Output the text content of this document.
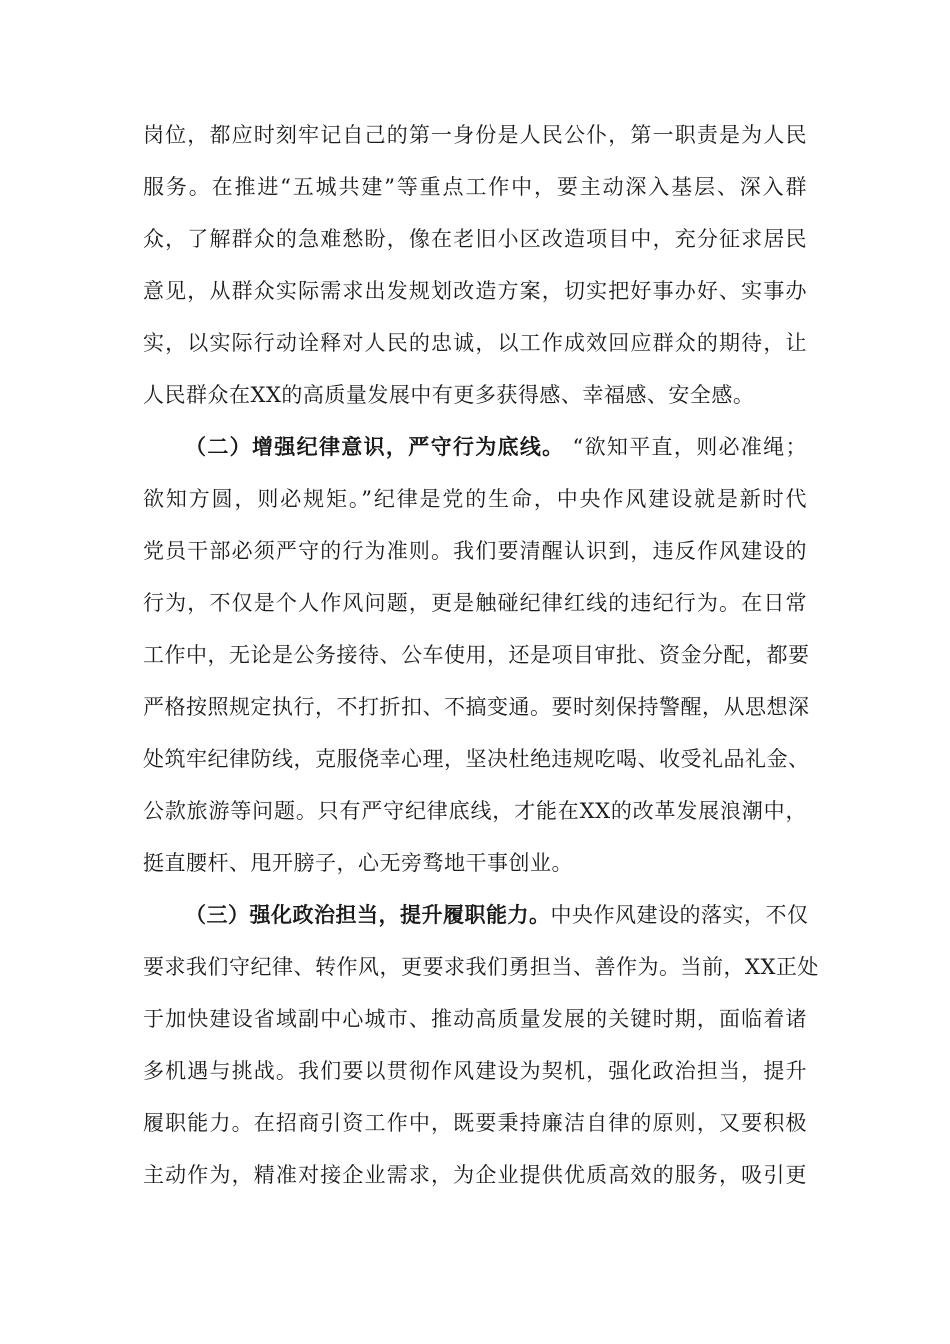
岗位，都应时刻牢记自己的第一身份是人民公仆，第一职责是为人民
服务。在推进“五城共建”等重点工作中，要主动深入基层、深入群
众，了解群众的急难愁盼，像在老旧小区改造项目中，充分征求居民
意见，从群众实际需求出发规划改造方案，切实把好事办好、实事办
实，以实际行动诠释对人民的忠诚，以工作成效回应群众的期待，让
人民群众在XX的高质量发展中有更多获得感、幸福感、安全感。
（二）增强纪律意识，严守行为底线。 “欲知平直，则必准绳；
欲知方圆，则必规矩。”纪律是党的生命，中央作风建设就是新时代
党员干部必须严守的行为准则。我们要清醒认识到，违反作风建设的
行为，不仅是个人作风问题，更是触碰纪律红线的违纪行为。在日常
工作中，无论是公务接待、公车使用，还是项目审批、资金分配，都要
严格按照规定执行，不打折扣、不搞变通。要时刻保持警醒，从思想深
处筑牢纪律防线，克服侥幸心理，坚决杜绝违规吃喝、收受礼品礼金、
公款旅游等问题。只有严守纪律底线，才能在XX的改革发展浪潮中，
挺直腰杆、甩开膀子，心无旁骛地干事创业。
（三）强化政治担当，提升履职能力。中央作风建设的落实，不仅
要求我们守纪律、转作风，更要求我们勇担当、善作为。当前，XX正处
于加快建设省域副中心城市、推动高质量发展的关键时期，面临着诸
多机遇与挑战。我们要以贯彻作风建设为契机，强化政治担当，提升
履职能力。在招商引资工作中，既要秉持廉洁自律的原则，又要积极
主动作为，精准对接企业需求，为企业提供优质高效的服务，吸引更
